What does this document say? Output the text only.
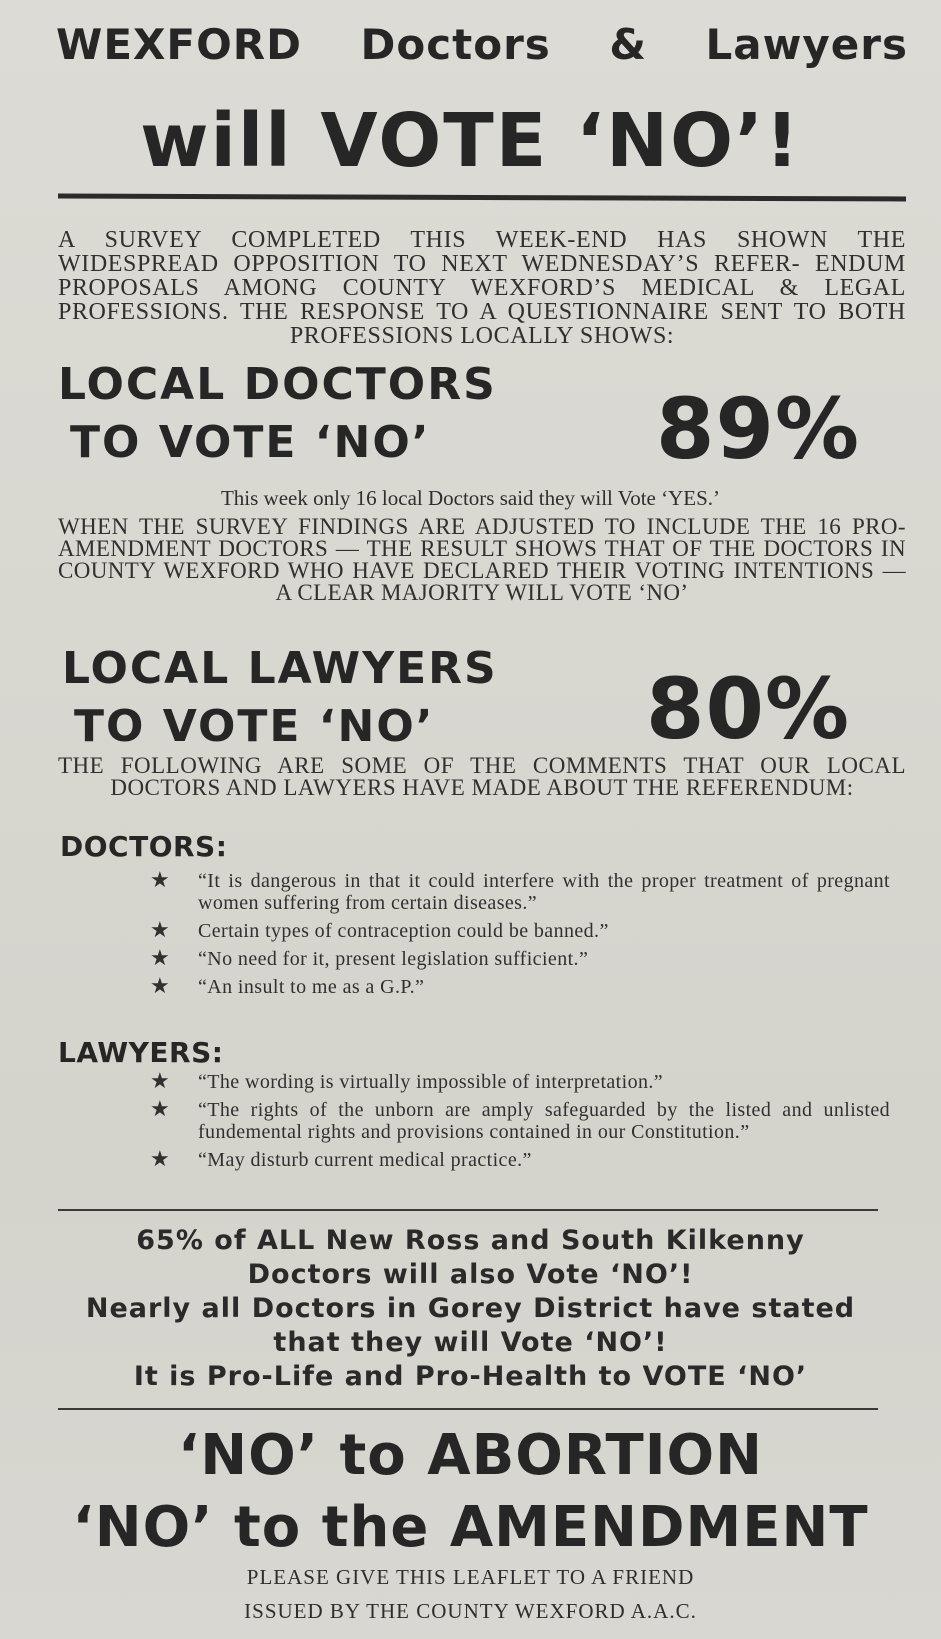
WEXFORD Doctors & Lawyers
will VOTE ‘NO’!

A SURVEY COMPLETED THIS WEEK-END HAS SHOWN THE WIDESPREAD OPPOSITION TO NEXT WEDNESDAY’S REFER- ENDUM PROPOSALS AMONG COUNTY WEXFORD’S MEDICAL & LEGAL PROFESSIONS. THE RESPONSE TO A QUESTIONNAIRE SENT TO BOTH PROFESSIONS LOCALLY SHOWS:

LOCAL DOCTORS
TO VOTE ‘NO’	89%

This week only 16 local Doctors said they will Vote ‘YES.’

WHEN THE SURVEY FINDINGS ARE ADJUSTED TO INCLUDE THE 16 PRO-AMENDMENT DOCTORS — THE RESULT SHOWS THAT OF THE DOCTORS IN COUNTY WEXFORD WHO HAVE DECLARED THEIR VOTING INTENTIONS — A CLEAR MAJORITY WILL VOTE ‘NO’

LOCAL LAWYERS
TO VOTE ‘NO’	80%

THE FOLLOWING ARE SOME OF THE COMMENTS THAT OUR LOCAL DOCTORS AND LAWYERS HAVE MADE ABOUT THE REFERENDUM:

DOCTORS:
★	“It is dangerous in that it could interfere with the proper treatment of pregnant women suffering from certain diseases.”
★	Certain types of contraception could be banned.”
★	“No need for it, present legislation sufficient.”
★	“An insult to me as a G.P.”
LAWYERS:
★	“The wording is virtually impossible of interpretation.”
★	“The rights of the unborn are amply safeguarded by the listed and unlisted fundemental rights and provisions contained in our Constitution.”
★	“May disturb current medical practice.”
65% of ALL New Ross and South Kilkenny
Doctors will also Vote ‘NO’!
Nearly all Doctors in Gorey District have stated
that they will Vote ‘NO’!
It is Pro-Life and Pro-Health to VOTE ‘NO’
‘NO’ to ABORTION
‘NO’ to the AMENDMENT
PLEASE GIVE THIS LEAFLET TO A FRIEND
ISSUED BY THE COUNTY WEXFORD A.A.C.
